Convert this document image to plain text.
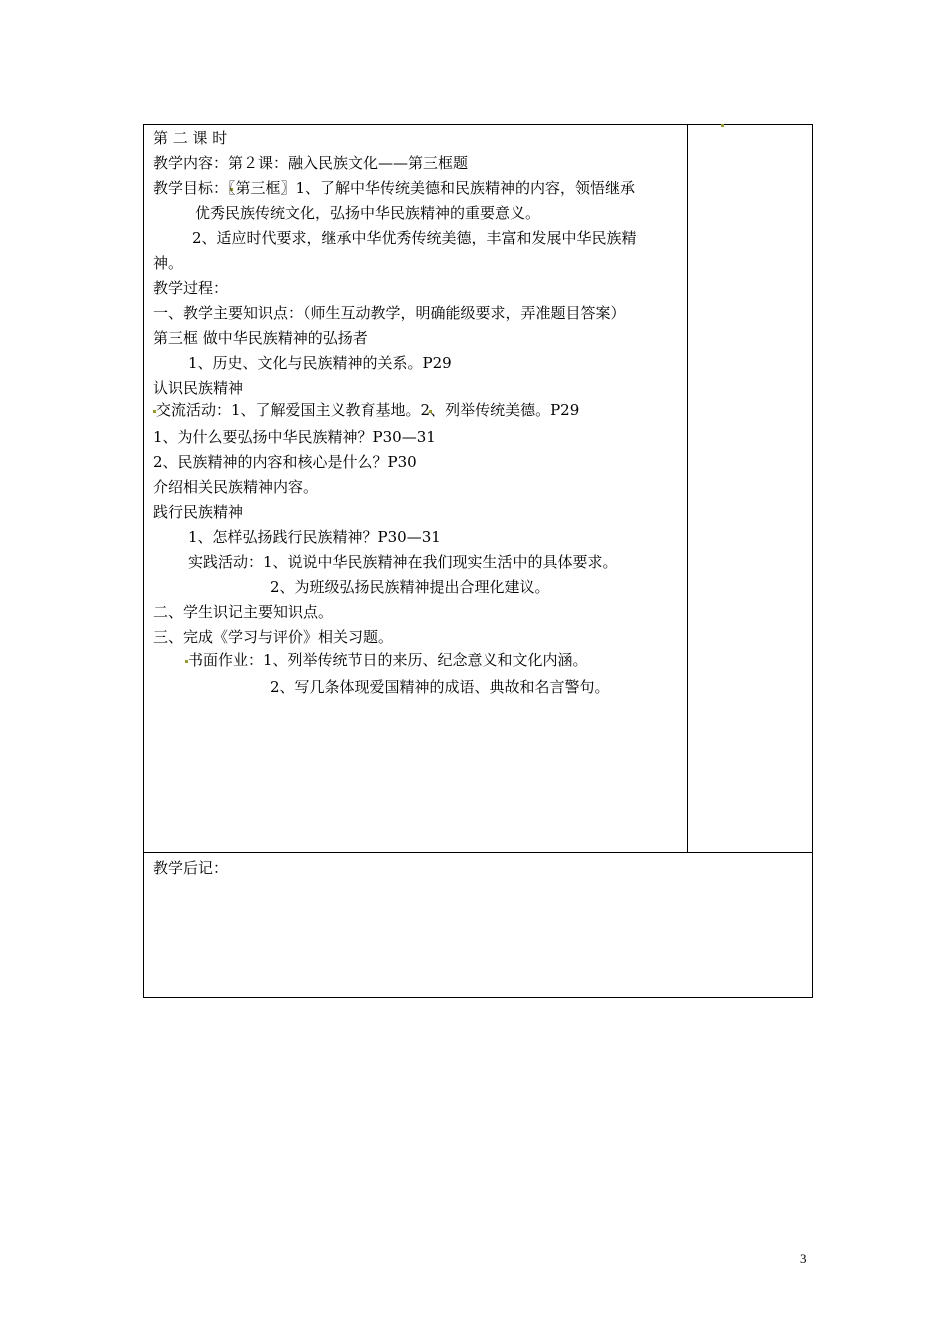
第 二 课 时
教学内容：第２课：融入民族文化——第三框题
教学目标：〖第三框〗1、了解中华传统美德和民族精神的内容，领悟继承
优秀民族传统文化，弘扬中华民族精神的重要意义。
2、适应时代要求，继承中华优秀传统美德，丰富和发展中华民族精
神。
教学过程：
一、教学主要知识点：（师生互动教学，明确能级要求，弄准题目答案）
第三框 做中华民族精神的弘扬者
1、历史、文化与民族精神的关系。P29
认识民族精神
交流活动：1、了解爱国主义教育基地。2、列举传统美德。P29
1、为什么要弘扬中华民族精神？P30—31
2、民族精神的内容和核心是什么？P30
介绍相关民族精神内容。
践行民族精神
1、怎样弘扬践行民族精神？P30—31
实践活动：1、说说中华民族精神在我们现实生活中的具体要求。
2、为班级弘扬民族精神提出合理化建议。
二、学生识记主要知识点。
三、完成《学习与评价》相关习题。
书面作业：1、列举传统节日的来历、纪念意义和文化内涵。
2、写几条体现爱国精神的成语、典故和名言警句。
教学后记：
3
